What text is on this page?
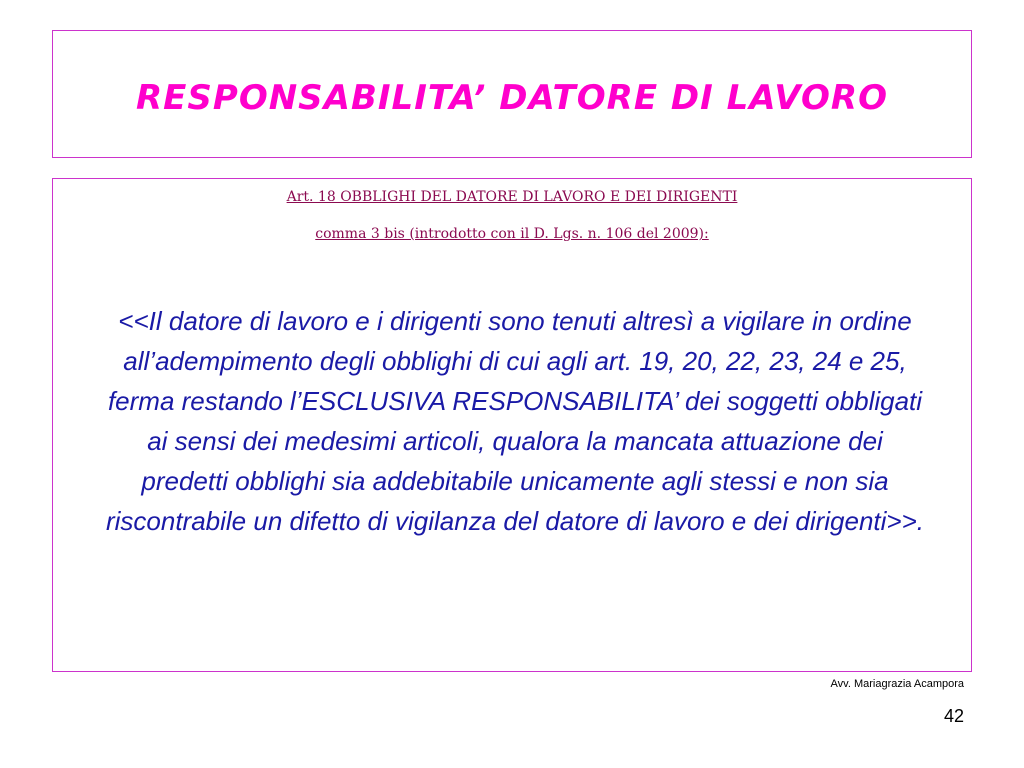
RESPONSABILITA’ DATORE DI LAVORO
Art. 18 OBBLIGHI DEL DATORE DI LAVORO E DEI DIRIGENTI
comma 3 bis (introdotto con il D. Lgs. n. 106 del 2009):

<<Il datore di lavoro e i dirigenti sono tenuti altresì a vigilare in ordine all’adempimento degli obblighi di cui agli art. 19, 20, 22, 23, 24 e 25, ferma restando l’ESCLUSIVA RESPONSABILITA’ dei soggetti obbligati ai sensi dei medesimi articoli, qualora la mancata attuazione dei predetti obblighi sia addebitabile unicamente agli stessi e non sia riscontrabile un difetto di vigilanza del datore di lavoro e dei dirigenti>>.

Avv. Mariagrazia Acampora
42
